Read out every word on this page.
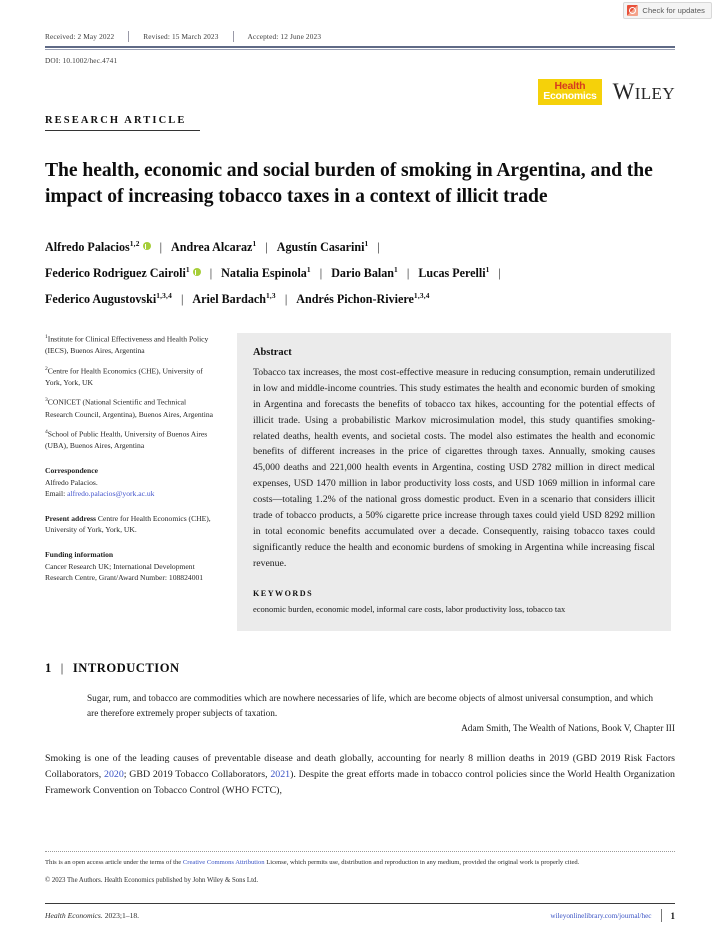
Check for updates
Received: 2 May 2022	Revised: 15 March 2023	Accepted: 12 June 2023
DOI: 10.1002/hec.4741
Health
Economics WILEY
RESEARCH ARTICLE
The health, economic and social burden of smoking in Argentina, and the impact of increasing tobacco taxes in a context of illicit trade
Alfredo Palacios$^{1,2}$ | Andrea Alcaraz$^1$ | Agustín Casarini$^1$ |
Federico Rodriguez Cairoli$^1$ | Natalia Espinola$^1$ | Dario Balan$^1$ | Lucas Perelli$^1$ |
Federico Augustovski$^{1,3,4}$ | Ariel Bardach$^{1,3}$ | Andrés Pichon-Riviere$^{1,3,4}$
$^1$Institute for Clinical Effectiveness and Health Policy (IECS), Buenos Aires, Argentina
$^2$Centre for Health Economics (CHE), University of York, York, UK
$^3$CONICET (National Scientific and Technical Research Council, Argentina), Buenos Aires, Argentina
$^4$School of Public Health, University of Buenos Aires (UBA), Buenos Aires, Argentina
Correspondence
Alfredo Palacios.
Email: alfredo.palacios@york.ac.uk
Present address Centre for Health Economics (CHE), University of York, York, UK.
Funding information
Cancer Research UK; International Development Research Centre, Grant/Award Number: 108824001
Abstract
Tobacco tax increases, the most cost-effective measure in reducing consumption, remain underutilized in low and middle-income countries. This study estimates the health and economic burden of smoking in Argentina and forecasts the benefits of tobacco tax hikes, accounting for the potential effects of illicit trade. Using a probabilistic Markov microsimulation model, this study quantifies smoking-related deaths, health events, and societal costs. The model also estimates the health and economic benefits of different increases in the price of cigarettes through taxes. Annually, smoking causes 45,000 deaths and 221,000 health events in Argentina, costing USD 2782 million in direct medical expenses, USD 1470 million in labor productivity loss costs, and USD 1069 million in informal care costs—totaling 1.2% of the national gross domestic product. Even in a scenario that considers illicit trade of tobacco products, a 50% cigarette price increase through taxes could yield USD 8292 million in total economic benefits accumulated over a decade. Consequently, raising tobacco taxes could significantly reduce the health and economic burdens of smoking in Argentina while increasing fiscal revenue.
KEYWORDS
economic burden, economic model, informal care costs, labor productivity loss, tobacco tax
1 | INTRODUCTION
Sugar, rum, and tobacco are commodities which are nowhere necessaries of life, which are become objects of almost universal consumption, and which are therefore extremely proper subjects of taxation.
Adam Smith, The Wealth of Nations, Book V, Chapter III
Smoking is one of the leading causes of preventable disease and death globally, accounting for nearly 8 million deaths in 2019 (GBD 2019 Risk Factors Collaborators, 2020; GBD 2019 Tobacco Collaborators, 2021). Despite the great efforts made in tobacco control policies since the World Health Organization Framework Convention on Tobacco Control (WHO FCTC),
This is an open access article under the terms of the Creative Commons Attribution License, which permits use, distribution and reproduction in any medium, provided the original work is properly cited.
© 2023 The Authors. Health Economics published by John Wiley & Sons Ltd.
Health Economics. 2023;1–18.	wileyonlinelibrary.com/journal/hec 1
